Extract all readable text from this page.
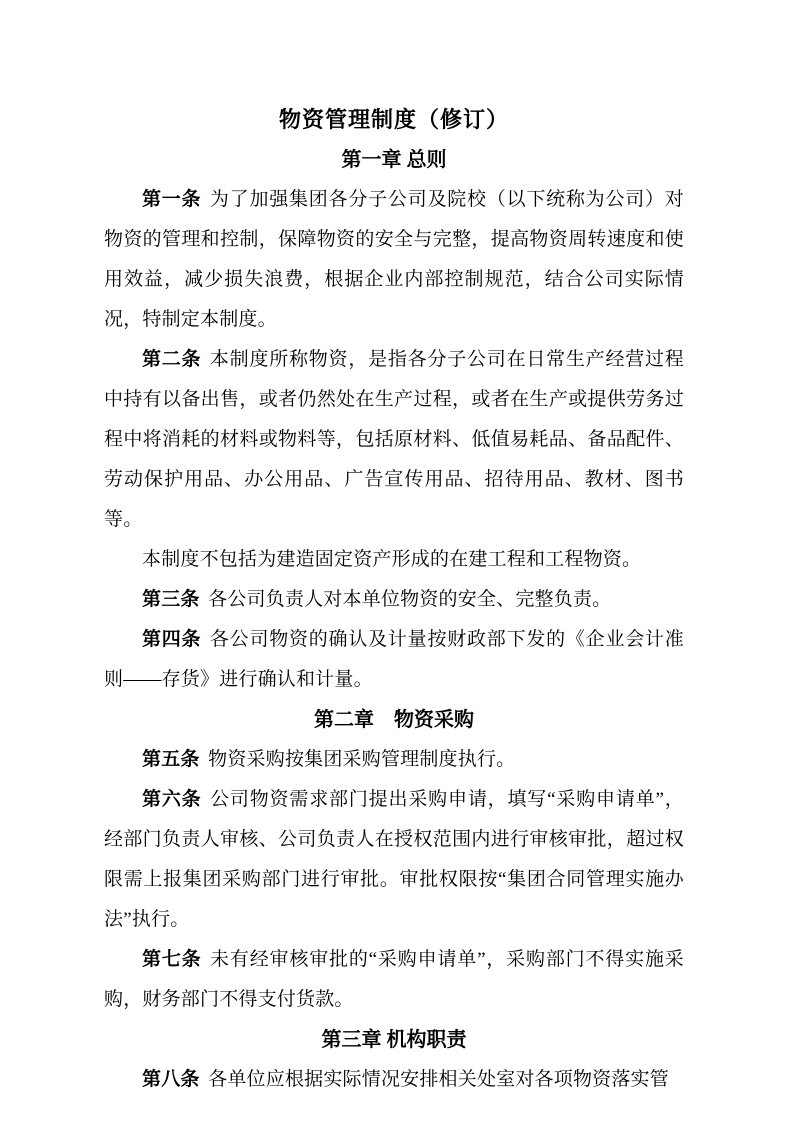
物资管理制度（修订）
第一章 总则
第一条 为了加强集团各分子公司及院校（以下统称为公司）对物资的管理和控制，保障物资的安全与完整，提高物资周转速度和使用效益，减少损失浪费，根据企业内部控制规范，结合公司实际情况，特制定本制度。
第二条 本制度所称物资，是指各分子公司在日常生产经营过程中持有以备出售，或者仍然处在生产过程，或者在生产或提供劳务过程中将消耗的材料或物料等，包括原材料、低值易耗品、备品配件、劳动保护用品、办公用品、广告宣传用品、招待用品、教材、图书等。
本制度不包括为建造固定资产形成的在建工程和工程物资。
第三条 各公司负责人对本单位物资的安全、完整负责。
第四条 各公司物资的确认及计量按财政部下发的《企业会计准则——存货》进行确认和计量。
第二章　物资采购
第五条 物资采购按集团采购管理制度执行。
第六条 公司物资需求部门提出采购申请，填写“采购申请单”，经部门负责人审核、公司负责人在授权范围内进行审核审批，超过权限需上报集团采购部门进行审批。审批权限按“集团合同管理实施办法”执行。
第七条 未有经审核审批的“采购申请单”，采购部门不得实施采购，财务部门不得支付货款。
第三章 机构职责
第八条 各单位应根据实际情况安排相关处室对各项物资落实管
